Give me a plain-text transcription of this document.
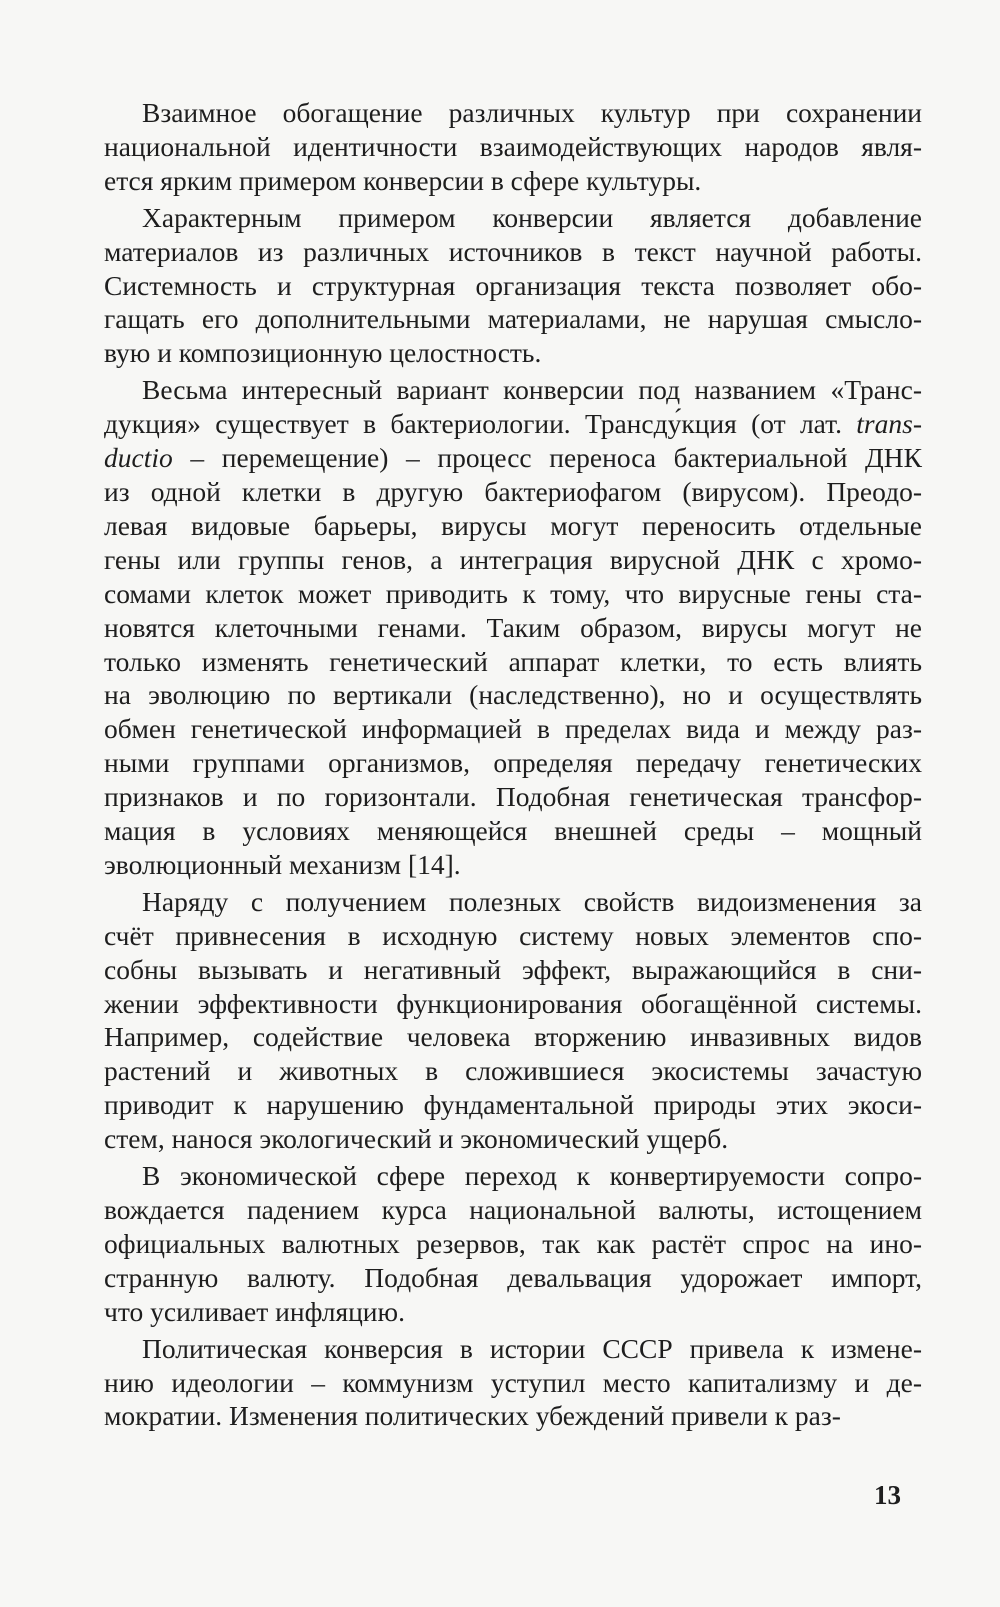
Взаимное обогащение различных культур при сохранении
национальной идентичности взаимодействующих народов явля-
ется ярким примером конверсии в сфере культуры.
Характерным примером конверсии является добавление
материалов из различных источников в текст научной работы.
Системность и структурная организация текста позволяет обо-
гащать его дополнительными материалами, не нарушая смысло-
вую и композиционную целостность.
Весьма интересный вариант конверсии под названием «Транс-
дукция» существует в бактериологии. Трансду́кция (от лат. trans-
ductio – перемещение) – процесс переноса бактериальной ДНК
из одной клетки в другую бактериофагом (вирусом). Преодо-
левая видовые барьеры, вирусы могут переносить отдельные
гены или группы генов, а интеграция вирусной ДНК с хромо-
сомами клеток может приводить к тому, что вирусные гены ста-
новятся клеточными генами. Таким образом, вирусы могут не
только изменять генетический аппарат клетки, то есть влиять
на эволюцию по вертикали (наследственно), но и осуществлять
обмен генетической информацией в пределах вида и между раз-
ными группами организмов, определяя передачу генетических
признаков и по горизонтали. Подобная генетическая трансфор-
мация в условиях меняющейся внешней среды – мощный
эволюционный механизм [14].
Наряду с получением полезных свойств видоизменения за
счёт привнесения в исходную систему новых элементов спо-
собны вызывать и негативный эффект, выражающийся в сни-
жении эффективности функционирования обогащённой системы.
Например, содействие человека вторжению инвазивных видов
растений и животных в сложившиеся экосистемы зачастую
приводит к нарушению фундаментальной природы этих экоси-
стем, нанося экологический и экономический ущерб.
В экономической сфере переход к конвертируемости сопро-
вождается падением курса национальной валюты, истощением
официальных валютных резервов, так как растёт спрос на ино-
странную валюту. Подобная девальвация удорожает импорт,
что усиливает инфляцию.
Политическая конверсия в истории СССР привела к измене-
нию идеологии – коммунизм уступил место капитализму и де-
мократии. Изменения политических убеждений привели к раз-
13
